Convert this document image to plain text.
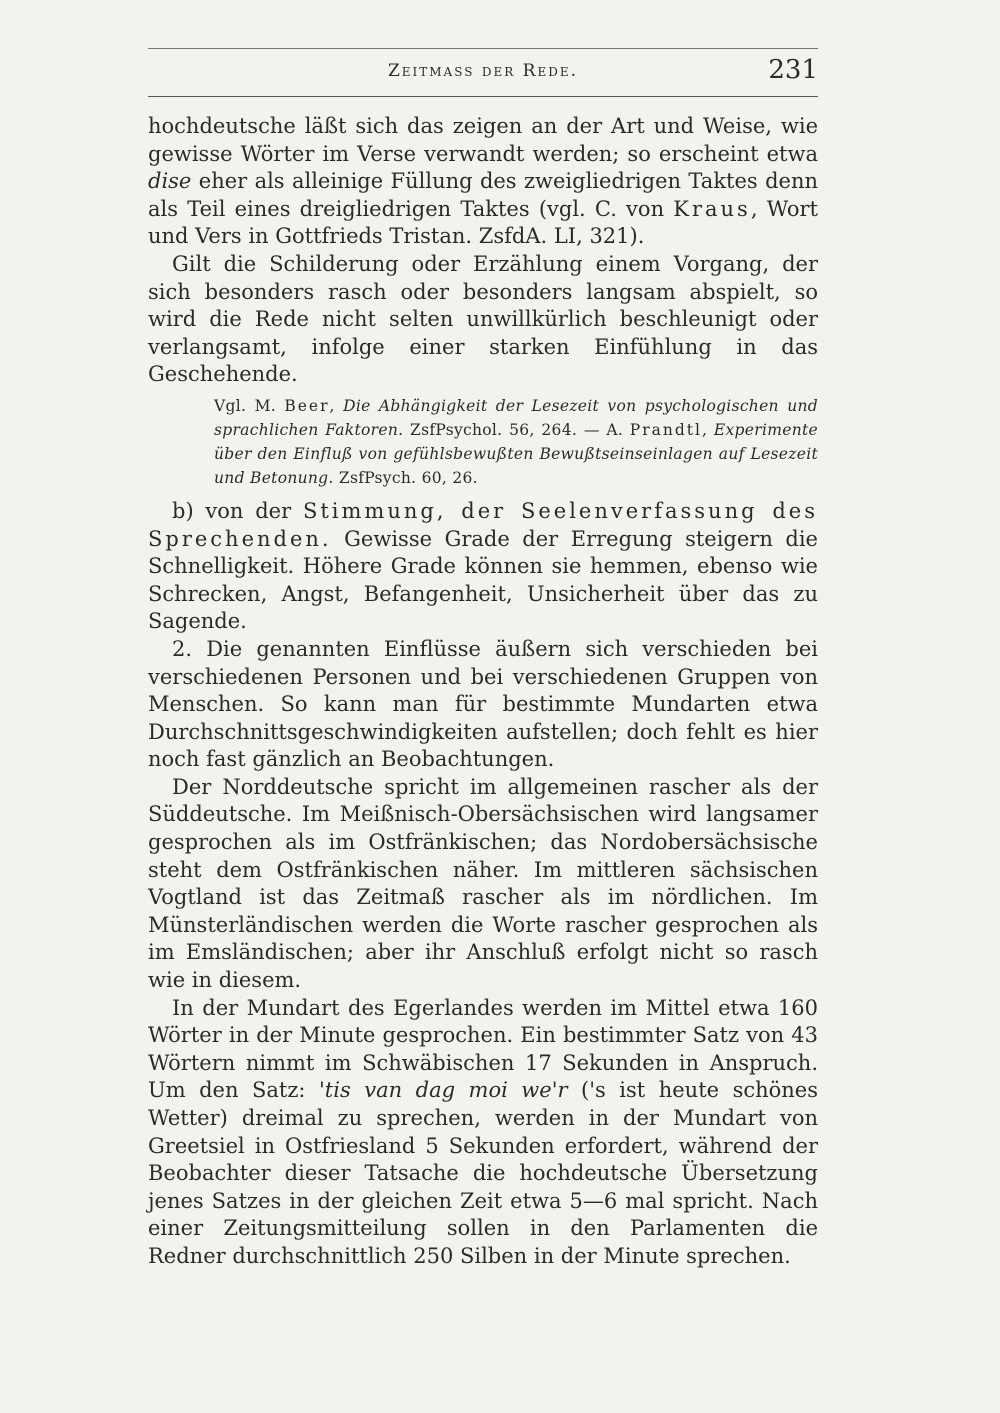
Zeitmass der Rede.	231

hochdeutsche läßt sich das zeigen an der Art und Weise, wie gewisse Wörter im Verse verwandt werden; so erscheint etwa dise eher als alleinige Füllung des zweigliedrigen Taktes denn als Teil eines dreigliedrigen Taktes (vgl. C. von Kraus, Wort und Vers in Gottfrieds Tristan. ZsfdA. LI, 321).

Gilt die Schilderung oder Erzählung einem Vorgang, der sich besonders rasch oder besonders langsam abspielt, so wird die Rede nicht selten unwillkürlich beschleunigt oder verlangsamt, infolge einer starken Einfühlung in das Geschehende.

Vgl. M. Beer, Die Abhängigkeit der Lesezeit von psychologischen und sprachlichen Faktoren. ZsfPsychol. 56, 264. — A. Prandtl, Experimente über den Einfluß von gefühlsbewußten Bewußtseinseinlagen auf Lesezeit und Betonung. ZsfPsych. 60, 26.

b) von der Stimmung, der Seelenverfassung des Sprechenden. Gewisse Grade der Erregung steigern die Schnelligkeit. Höhere Grade können sie hemmen, ebenso wie Schrecken, Angst, Befangenheit, Unsicherheit über das zu Sagende.

2. Die genannten Einflüsse äußern sich verschieden bei verschiedenen Personen und bei verschiedenen Gruppen von Menschen. So kann man für bestimmte Mundarten etwa Durchschnittsgeschwindigkeiten aufstellen; doch fehlt es hier noch fast gänzlich an Beobachtungen.

Der Norddeutsche spricht im allgemeinen rascher als der Süddeutsche. Im Meißnisch-Obersächsischen wird langsamer gesprochen als im Ostfränkischen; das Nordobersächsische steht dem Ostfränkischen näher. Im mittleren sächsischen Vogtland ist das Zeitmaß rascher als im nördlichen. Im Münsterländischen werden die Worte rascher gesprochen als im Emsländischen; aber ihr Anschluß erfolgt nicht so rasch wie in diesem.

In der Mundart des Egerlandes werden im Mittel etwa 160 Wörter in der Minute gesprochen. Ein bestimmter Satz von 43 Wörtern nimmt im Schwäbischen 17 Sekunden in Anspruch. Um den Satz: 'tis van dag moi we'r ('s ist heute schönes Wetter) dreimal zu sprechen, werden in der Mundart von Greetsiel in Ostfriesland 5 Sekunden erfordert, während der Beobachter dieser Tatsache die hochdeutsche Übersetzung jenes Satzes in der gleichen Zeit etwa 5—6 mal spricht. Nach einer Zeitungsmitteilung sollen in den Parlamenten die Redner durchschnittlich 250 Silben in der Minute sprechen.
